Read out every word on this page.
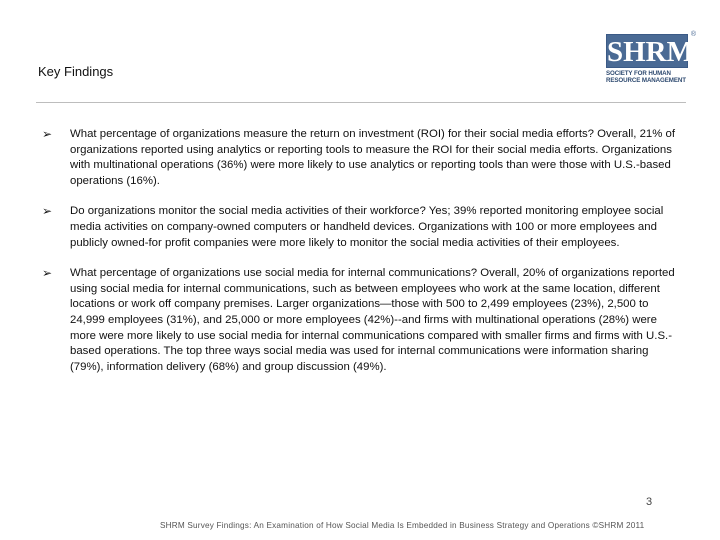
Key Findings
SHRM
®
SOCIETY FOR HUMAN
RESOURCE MANAGEMENT
➢ What percentage of organizations measure the return on investment (ROI) for their social media efforts? Overall, 21% of organizations reported using analytics or reporting tools to measure the ROI for their social media efforts. Organizations with multinational operations (36%) were more likely to use analytics or reporting tools than were those with U.S.-based operations (16%).
➢ Do organizations monitor the social media activities of their workforce? Yes; 39% reported monitoring employee social media activities on company-owned computers or handheld devices. Organizations with 100 or more employees and publicly owned-for profit companies were more likely to monitor the social media activities of their employees.
➢ What percentage of organizations use social media for internal communications? Overall, 20% of organizations reported using social media for internal communications, such as between employees who work at the same location, different locations or work off company premises. Larger organizations—those with 500 to 2,499 employees (23%), 2,500 to 24,999 employees (31%), and 25,000 or more employees (42%)--and firms with multinational operations (28%) were more were more likely to use social media for internal communications compared with smaller firms and firms with U.S.-based operations. The top three ways social media was used for internal communications were information sharing (79%), information delivery (68%) and group discussion (49%).
3
SHRM Survey Findings: An Examination of How Social Media Is Embedded in Business Strategy and Operations ©SHRM 2011
